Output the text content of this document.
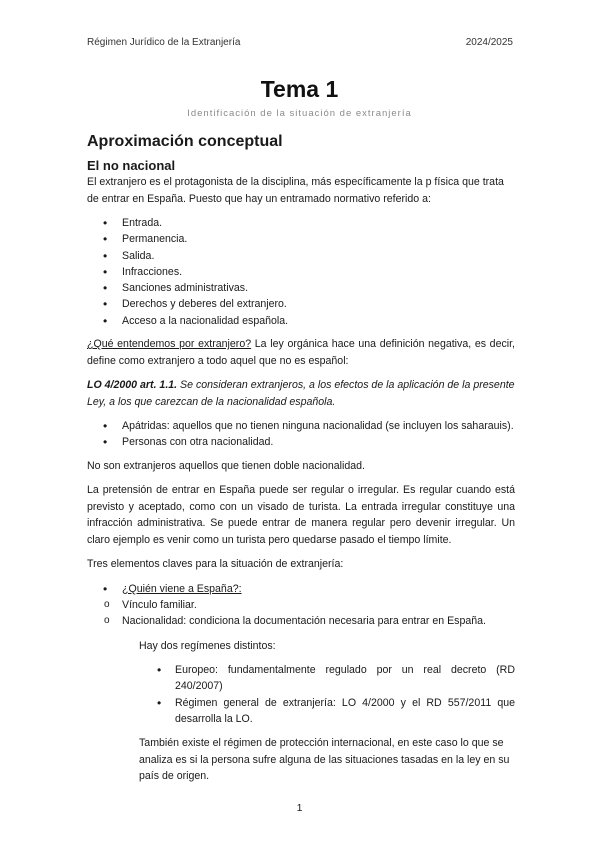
Régimen Jurídico de la Extranjería	2024/2025
Tema 1
Identificación de la situación de extranjería
Aproximación conceptual
El no nacional

El extranjero es el protagonista de la disciplina, más específicamente la p física que trata de entrar en España. Puesto que hay un entramado normativo referido a:

• Entrada.
• Permanencia.
• Salida.
• Infracciones.
• Sanciones administrativas.
• Derechos y deberes del extranjero.
• Acceso a la nacionalidad española.

¿Qué entendemos por extranjero? La ley orgánica hace una definición negativa, es decir, define como extranjero a todo aquel que no es español:

LO 4/2000 art. 1.1. Se consideran extranjeros, a los efectos de la aplicación de la presente Ley, a los que carezcan de la nacionalidad española.

• Apátridas: aquellos que no tienen ninguna nacionalidad (se incluyen los saharauis).
• Personas con otra nacionalidad.

No son extranjeros aquellos que tienen doble nacionalidad.

La pretensión de entrar en España puede ser regular o irregular. Es regular cuando está previsto y aceptado, como con un visado de turista. La entrada irregular constituye una infracción administrativa. Se puede entrar de manera regular pero devenir irregular. Un claro ejemplo es venir como un turista pero quedarse pasado el tiempo límite.

Tres elementos claves para la situación de extranjería:

• ¿Quién viene a España?:
o Vínculo familiar.
o Nacionalidad: condiciona la documentación necesaria para entrar en España.

Hay dos regímenes distintos:

• Europeo: fundamentalmente regulado por un real decreto (RD 240/2007)
• Régimen general de extranjería: LO 4/2000 y el RD 557/2011 que desarrolla la LO.

También existe el régimen de protección internacional, en este caso lo que se analiza es si la persona sufre alguna de las situaciones tasadas en la ley en su país de origen.

1
